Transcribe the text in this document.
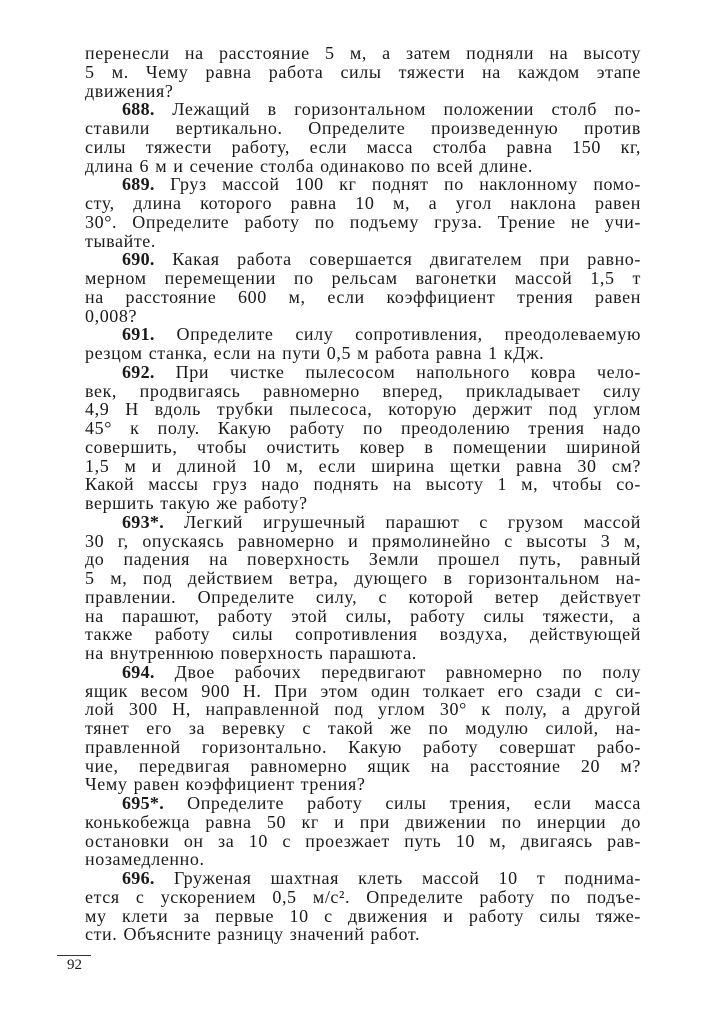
перенесли на расстояние 5 м, а затем подняли на высоту
5 м. Чему равна работа силы тяжести на каждом этапе
движения?
688. Лежащий в горизонтальном положении столб по-
ставили вертикально. Определите произведенную против
силы тяжести работу, если масса столба равна 150 кг,
длина 6 м и сечение столба одинаково по всей длине.
689. Груз массой 100 кг поднят по наклонному помо-
сту, длина которого равна 10 м, а угол наклона равен
30°. Определите работу по подъему груза. Трение не учи-
тывайте.
690. Какая работа совершается двигателем при равно-
мерном перемещении по рельсам вагонетки массой 1,5 т
на расстояние 600 м, если коэффициент трения равен
0,008?
691. Определите силу сопротивления, преодолеваемую
резцом станка, если на пути 0,5 м работа равна 1 кДж.
692. При чистке пылесосом напольного ковра чело-
век, продвигаясь равномерно вперед, прикладывает силу
4,9 Н вдоль трубки пылесоса, которую держит под углом
45° к полу. Какую работу по преодолению трения надо
совершить, чтобы очистить ковер в помещении шириной
1,5 м и длиной 10 м, если ширина щетки равна 30 см?
Какой массы груз надо поднять на высоту 1 м, чтобы со-
вершить такую же работу?
693*. Легкий игрушечный парашют с грузом массой
30 г, опускаясь равномерно и прямолинейно с высоты 3 м,
до падения на поверхность Земли прошел путь, равный
5 м, под действием ветра, дующего в горизонтальном на-
правлении. Определите силу, с которой ветер действует
на парашют, работу этой силы, работу силы тяжести, а
также работу силы сопротивления воздуха, действующей
на внутреннюю поверхность парашюта.
694. Двое рабочих передвигают равномерно по полу
ящик весом 900 Н. При этом один толкает его сзади с си-
лой 300 Н, направленной под углом 30° к полу, а другой
тянет его за веревку с такой же по модулю силой, на-
правленной горизонтально. Какую работу совершат рабо-
чие, передвигая равномерно ящик на расстояние 20 м?
Чему равен коэффициент трения?
695*. Определите работу силы трения, если масса
конькобежца равна 50 кг и при движении по инерции до
остановки он за 10 с проезжает путь 10 м, двигаясь рав-
нозамедленно.
696. Груженая шахтная клеть массой 10 т поднима-
ется с ускорением 0,5 м/с². Определите работу по подъе-
му клети за первые 10 с движения и работу силы тяже-
сти. Объясните разницу значений работ.
92
